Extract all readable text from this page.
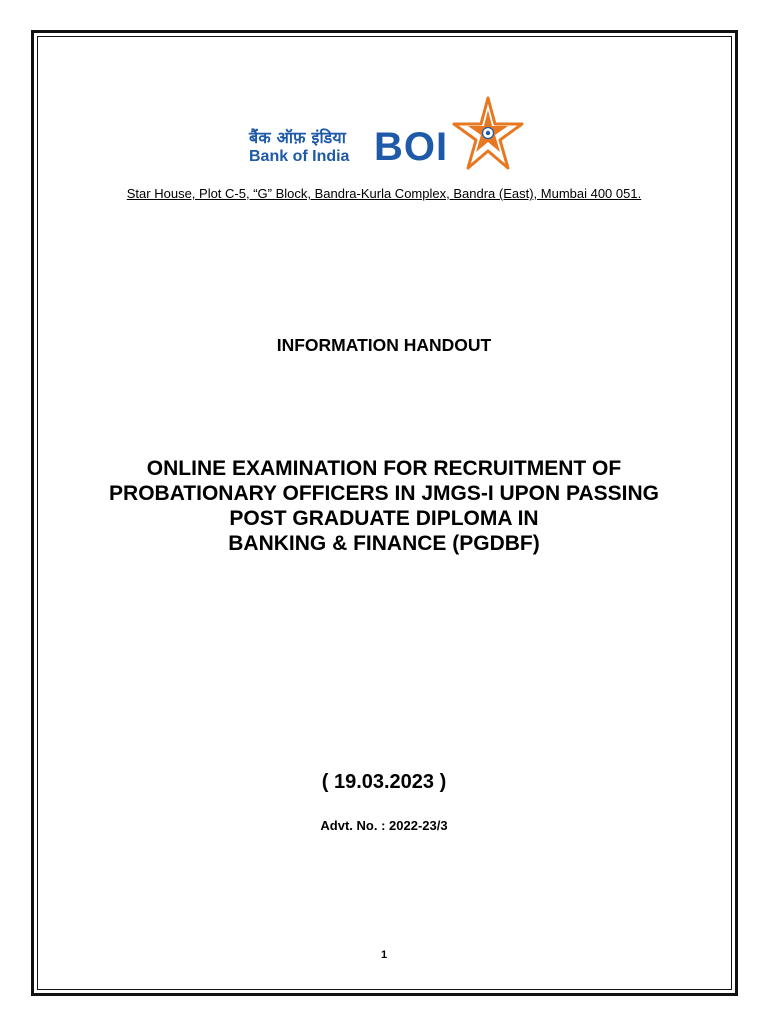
बैंक ऑफ़ इंडिया
Bank of India BOI
Star House, Plot C-5, “G” Block, Bandra-Kurla Complex, Bandra (East), Mumbai 400 051.
INFORMATION HANDOUT
ONLINE EXAMINATION FOR RECRUITMENT OF
PROBATIONARY OFFICERS IN JMGS-I UPON PASSING
POST GRADUATE DIPLOMA IN
BANKING & FINANCE (PGDBF)
( 19.03.2023 )
Advt. No. : 2022-23/3
1
